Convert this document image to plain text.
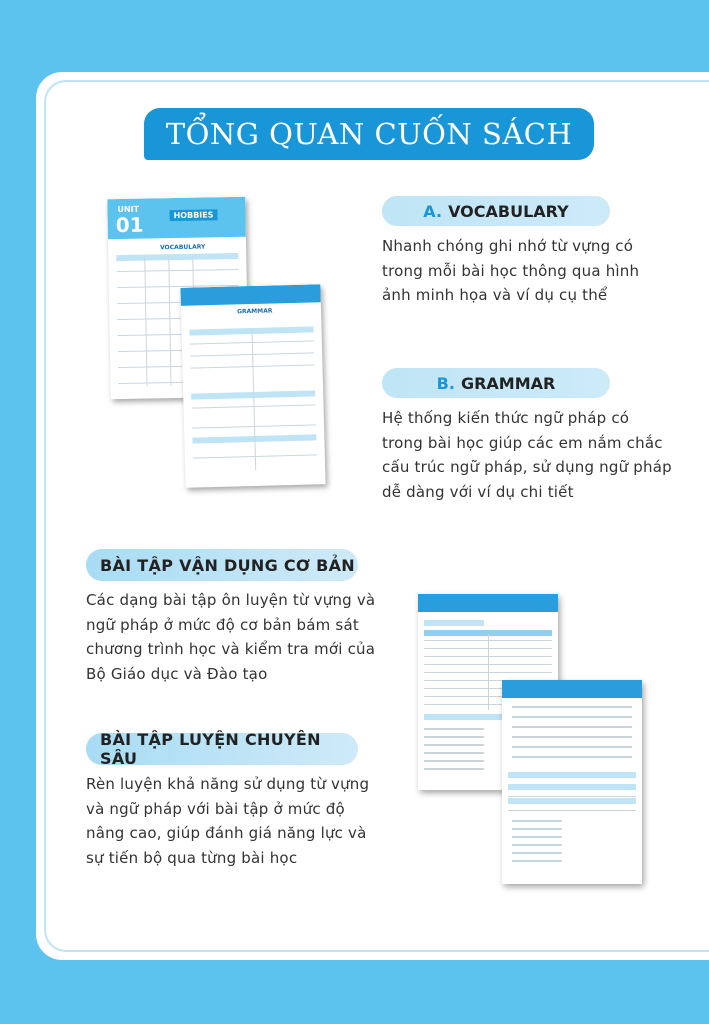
TỔNG QUAN CUỐN SÁCH
UNIT
01	HOBBIES
VOCABULARY
GRAMMAR
A. VOCABULARY
Nhanh chóng ghi nhớ từ vựng có trong mỗi bài học thông qua hình ảnh minh họa và ví dụ cụ thể
B. GRAMMAR
Hệ thống kiến thức ngữ pháp có trong bài học giúp các em nắm chắc cấu trúc ngữ pháp, sử dụng ngữ pháp dễ dàng với ví dụ chi tiết
BÀI TẬP VẬN DỤNG CƠ BẢN
Các dạng bài tập ôn luyện từ vựng và ngữ pháp ở mức độ cơ bản bám sát chương trình học và kiểm tra mới của Bộ Giáo dục và Đào tạo
BÀI TẬP LUYỆN CHUYÊN SÂU
Rèn luyện khả năng sử dụng từ vựng và ngữ pháp với bài tập ở mức độ nâng cao, giúp đánh giá năng lực và sự tiến bộ qua từng bài học
